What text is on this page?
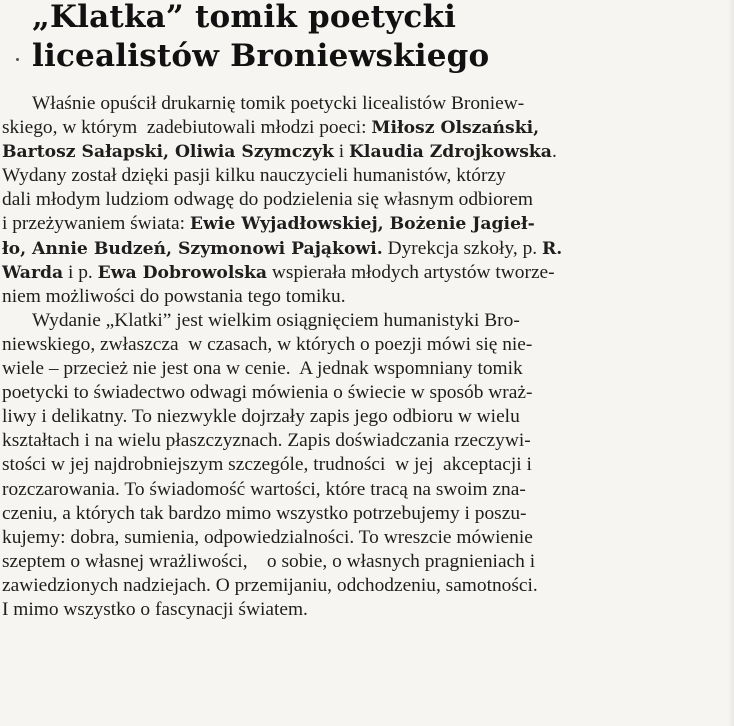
„Klatka” tomik poetycki
licealistów Broniewskiego
Właśnie opuścił drukarnię tomik poetycki licealistów Broniew-
skiego, w którym  zadebiutowali młodzi poeci: Miłosz Olszański,
Bartosz Sałapski, Oliwia Szymczyk i Klaudia Zdrojkowska.
Wydany został dzięki pasji kilku nauczycieli humanistów, którzy
dali młodym ludziom odwagę do podzielenia się własnym odbiorem
i przeżywaniem świata: Ewie Wyjadłowskiej, Bożenie Jagieł-
ło, Annie Budzeń, Szymonowi Pająkowi. Dyrekcja szkoły, p. R.
Warda i p. Ewa Dobrowolska wspierała młodych artystów tworze-
niem możliwości do powstania tego tomiku.
Wydanie „Klatki” jest wielkim osiągnięciem humanistyki Bro-
niewskiego, zwłaszcza  w czasach, w których o poezji mówi się nie-
wiele – przecież nie jest ona w cenie.  A jednak wspomniany tomik
poetycki to świadectwo odwagi mówienia o świecie w sposób wraż-
liwy i delikatny. To niezwykle dojrzały zapis jego odbioru w wielu
kształtach i na wielu płaszczyznach. Zapis doświadczania rzeczywi-
stości w jej najdrobniejszym szczególe, trudności  w jej  akceptacji i
rozczarowania. To świadomość wartości, które tracą na swoim zna-
czeniu, a których tak bardzo mimo wszystko potrzebujemy i poszu-
kujemy: dobra, sumienia, odpowiedzialności. To wreszcie mówienie
szeptem o własnej wrażliwości,    o sobie, o własnych pragnieniach i
zawiedzionych nadziejach. O przemijaniu, odchodzeniu, samotności.
I mimo wszystko o fascynacji światem.
